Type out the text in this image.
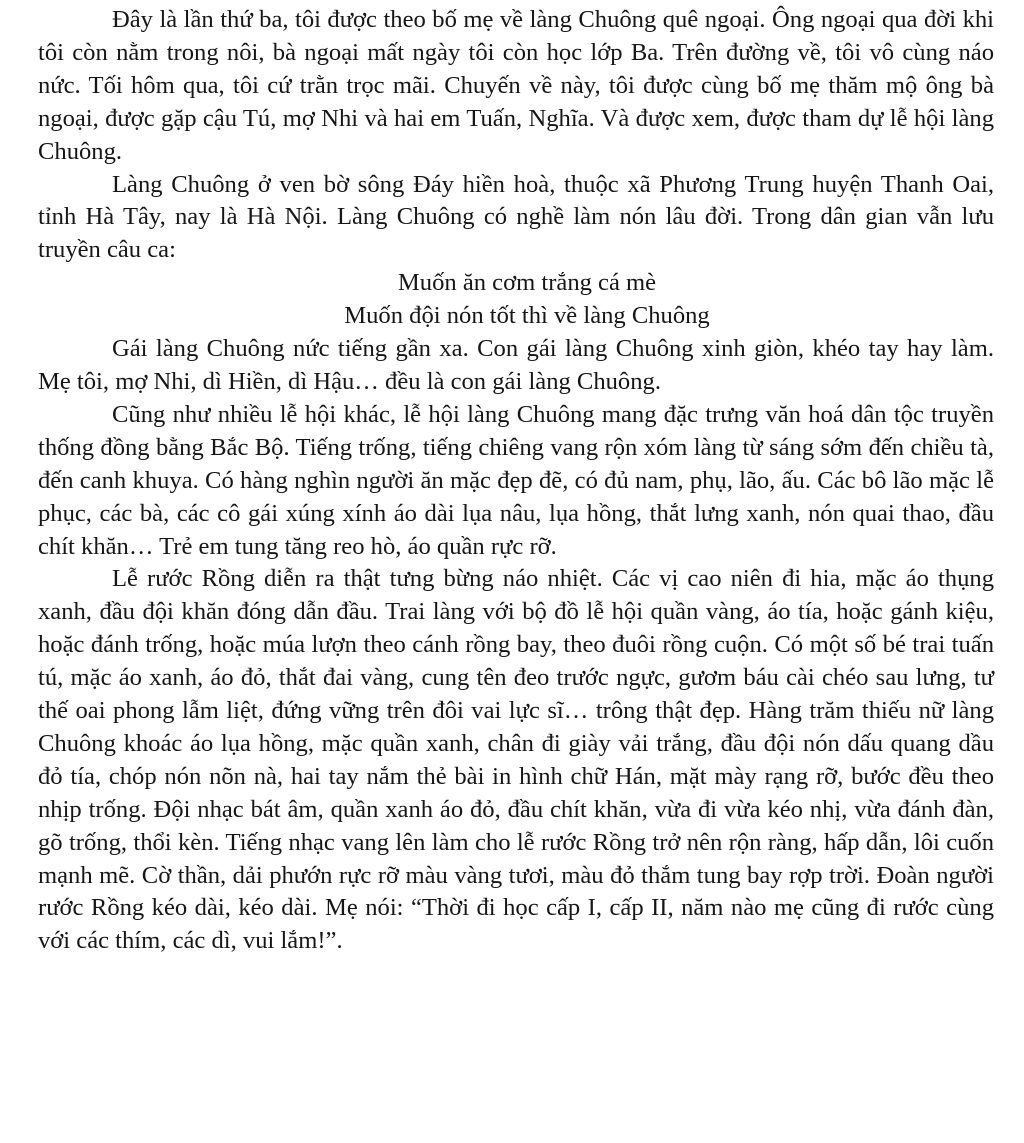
Đây là lần thứ ba, tôi được theo bố mẹ về làng Chuông quê ngoại. Ông ngoại qua đời khi tôi còn nằm trong nôi, bà ngoại mất ngày tôi còn học lớp Ba. Trên đường về, tôi vô cùng náo nức. Tối hôm qua, tôi cứ trằn trọc mãi. Chuyến về này, tôi được cùng bố mẹ thăm mộ ông bà ngoại, được gặp cậu Tú, mợ Nhi và hai em Tuấn, Nghĩa. Và được xem, được tham dự lễ hội làng Chuông.

Làng Chuông ở ven bờ sông Đáy hiền hoà, thuộc xã Phương Trung huyện Thanh Oai, tỉnh Hà Tây, nay là Hà Nội. Làng Chuông có nghề làm nón lâu đời. Trong dân gian vẫn lưu truyền câu ca:

Muốn ăn cơm trắng cá mè
Muốn đội nón tốt thì về làng Chuông

Gái làng Chuông nức tiếng gần xa. Con gái làng Chuông xinh giòn, khéo tay hay làm. Mẹ tôi, mợ Nhi, dì Hiền, dì Hậu… đều là con gái làng Chuông.

Cũng như nhiều lễ hội khác, lễ hội làng Chuông mang đặc trưng văn hoá dân tộc truyền thống đồng bằng Bắc Bộ. Tiếng trống, tiếng chiêng vang rộn xóm làng từ sáng sớm đến chiều tà, đến canh khuya. Có hàng nghìn người ăn mặc đẹp đẽ, có đủ nam, phụ, lão, ấu. Các bô lão mặc lễ phục, các bà, các cô gái xúng xính áo dài lụa nâu, lụa hồng, thắt lưng xanh, nón quai thao, đầu chít khăn… Trẻ em tung tăng reo hò, áo quần rực rỡ.

Lễ rước Rồng diễn ra thật tưng bừng náo nhiệt. Các vị cao niên đi hia, mặc áo thụng xanh, đầu đội khăn đóng dẫn đầu. Trai làng với bộ đồ lễ hội quần vàng, áo tía, hoặc gánh kiệu, hoặc đánh trống, hoặc múa lượn theo cánh rồng bay, theo đuôi rồng cuộn. Có một số bé trai tuấn tú, mặc áo xanh, áo đỏ, thắt đai vàng, cung tên đeo trước ngực, gươm báu cài chéo sau lưng, tư thế oai phong lẫm liệt, đứng vững trên đôi vai lực sĩ… trông thật đẹp. Hàng trăm thiếu nữ làng Chuông khoác áo lụa hồng, mặc quần xanh, chân đi giày vải trắng, đầu đội nón dấu quang dầu đỏ tía, chóp nón nõn nà, hai tay nắm thẻ bài in hình chữ Hán, mặt mày rạng rỡ, bước đều theo nhịp trống. Đội nhạc bát âm, quần xanh áo đỏ, đầu chít khăn, vừa đi vừa kéo nhị, vừa đánh đàn, gõ trống, thổi kèn. Tiếng nhạc vang lên làm cho lễ rước Rồng trở nên rộn ràng, hấp dẫn, lôi cuốn mạnh mẽ. Cờ thần, dải phướn rực rỡ màu vàng tươi, màu đỏ thắm tung bay rợp trời. Đoàn người rước Rồng kéo dài, kéo dài. Mẹ nói: “Thời đi học cấp I, cấp II, năm nào mẹ cũng đi rước cùng với các thím, các dì, vui lắm!”.
